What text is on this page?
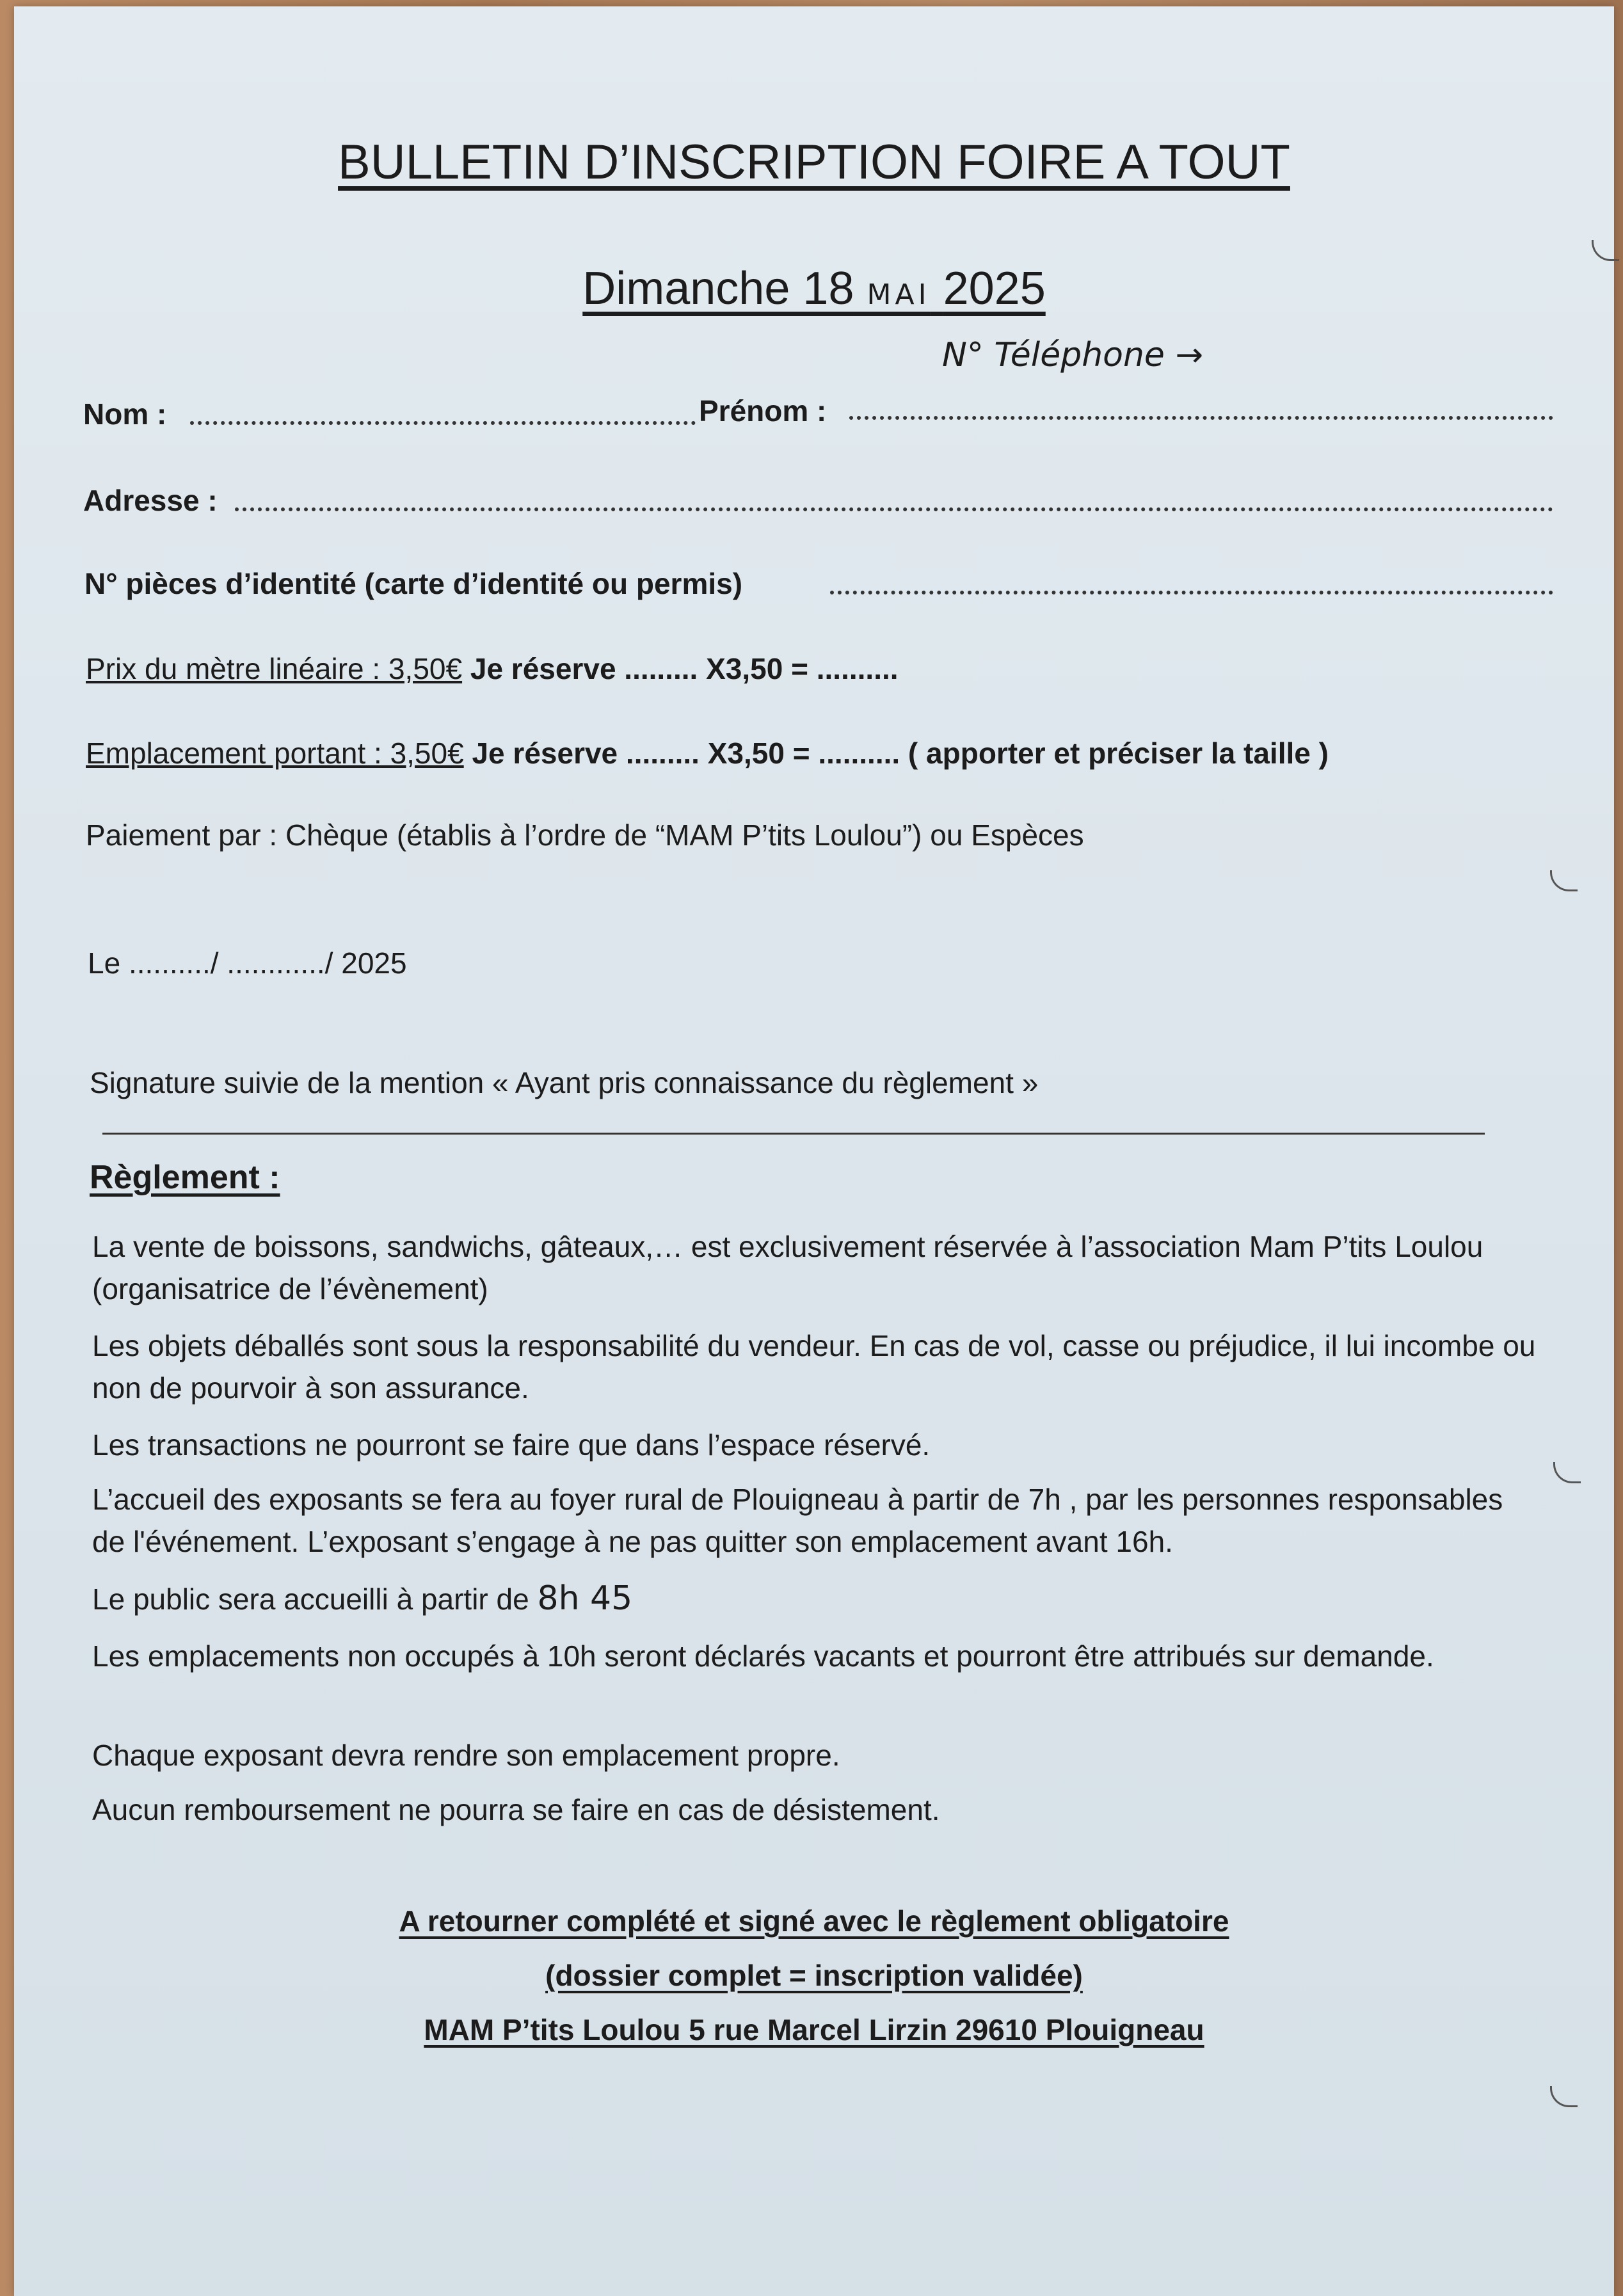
BULLETIN D’INSCRIPTION FOIRE A TOUT
Dimanche 18 MAI 2025
N° Téléphone →
Nom :	Prénom :
Adresse :
N° pièces d’identité (carte d’identité ou permis)
Prix du mètre linéaire : 3,50€ Je réserve ......... X3,50 = ..........
Emplacement portant : 3,50€ Je réserve ......... X3,50 = .......... ( apporter et préciser la taille )
Paiement par : Chèque (établis à l’ordre de “MAM P’tits Loulou”) ou Espèces
Le ........../ ............/ 2025
Signature suivie de la mention « Ayant pris connaissance du règlement »
Règlement :
La vente de boissons, sandwichs, gâteaux,… est exclusivement réservée à l’association Mam P’tits Loulou (organisatrice de l’évènement)
Les objets déballés sont sous la responsabilité du vendeur. En cas de vol, casse ou préjudice, il lui incombe ou non de pourvoir à son assurance.
Les transactions ne pourront se faire que dans l’espace réservé.
L’accueil des exposants se fera au foyer rural de Plouigneau à partir de 7h , par les personnes responsables de l'événement. L’exposant s’engage à ne pas quitter son emplacement avant 16h.
Le public sera accueilli à partir de 8h 45
Les emplacements non occupés à 10h seront déclarés vacants et pourront être attribués sur demande.
Chaque exposant devra rendre son emplacement propre.
Aucun remboursement ne pourra se faire en cas de désistement.
A retourner complété et signé avec le règlement obligatoire
(dossier complet = inscription validée)
MAM P’tits Loulou 5 rue Marcel Lirzin 29610 Plouigneau
